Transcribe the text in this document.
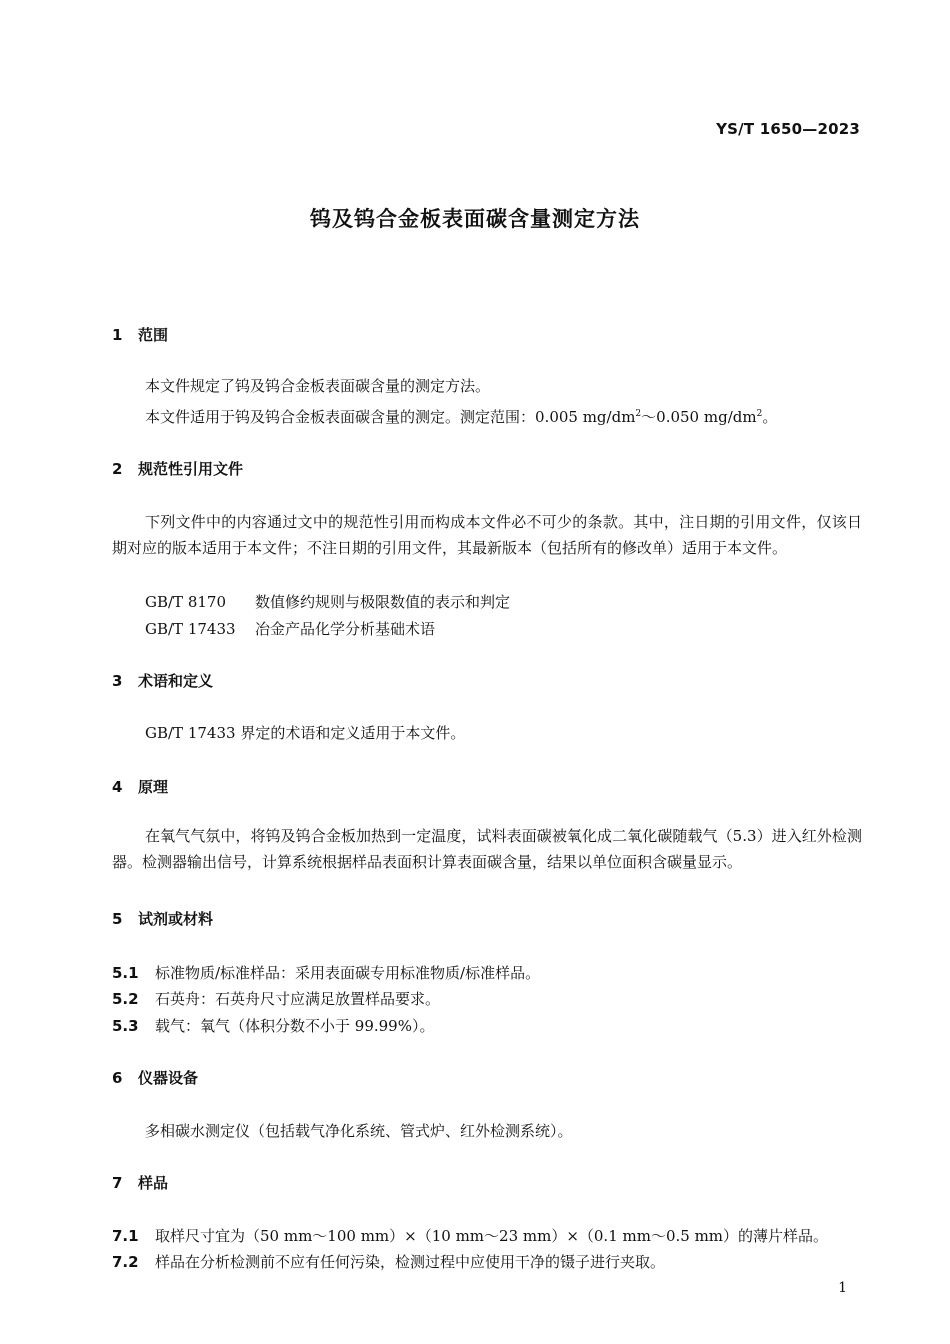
YS/T 1650—2023
钨及钨合金板表面碳含量测定方法
1 范围
本文件规定了钨及钨合金板表面碳含量的测定方法。
本文件适用于钨及钨合金板表面碳含量的测定。测定范围：0.005 $mg/dm^2\sim 0.050$ $mg/dm^2$。
2 规范性引用文件
下列文件中的内容通过文中的规范性引用而构成本文件必不可少的条款。其中，注日期的引用文件，仅该日期对应的版本适用于本文件；不注日期的引用文件，其最新版本（包括所有的修改单）适用于本文件。
GB/T 8170 数值修约规则与极限数值的表示和判定
GB/T 17433 冶金产品化学分析基础术语
3 术语和定义
GB/T 17433 界定的术语和定义适用于本文件。
4 原理
在氧气气氛中，将钨及钨合金板加热到一定温度，试料表面碳被氧化成二氧化碳随载气（5.3）进入红外检测器。检测器输出信号，计算系统根据样品表面积计算表面碳含量，结果以单位面积含碳量显示。
5 试剂或材料
5.1 标准物质/标准样品：采用表面碳专用标准物质/标准样品。
5.2 石英舟：石英舟尺寸应满足放置样品要求。
5.3 载气：氧气（体积分数不小于 99.99%）。
6 仪器设备
多相碳水测定仪（包括载气净化系统、管式炉、红外检测系统）。
7 样品
7.1 取样尺寸宜为（50 mm～100 mm）×（10 mm～23 mm）×（0.1 mm～0.5 mm）的薄片样品。
7.2 样品在分析检测前不应有任何污染，检测过程中应使用干净的镊子进行夹取。
1
